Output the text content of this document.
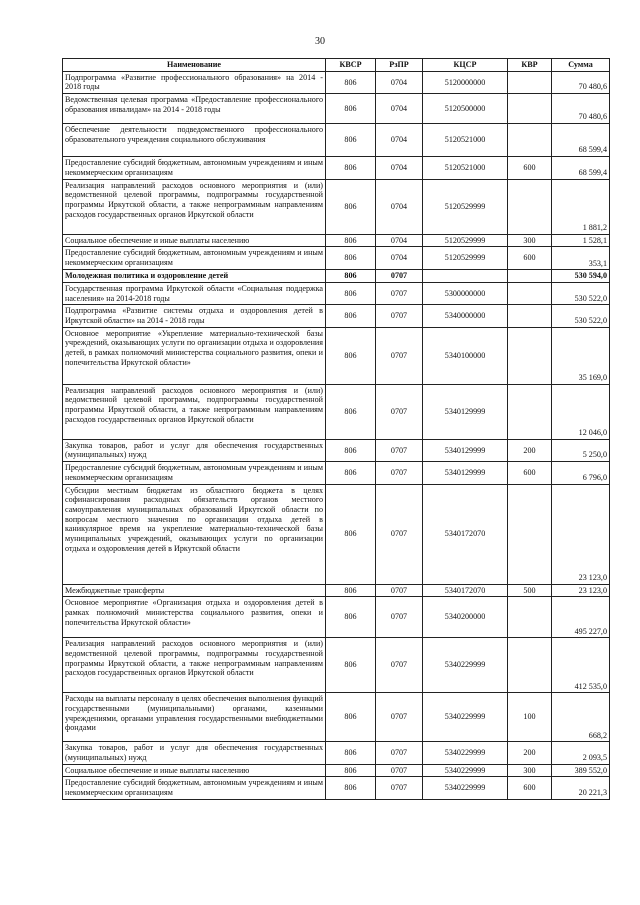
30
Наименование	КВСР	РзПР	КЦСР	КВР	Сумма
Подпрограмма «Развитие профессионального образования» на 2014 - 2018 годы	806	0704	5120000000		70 480,6
Ведомственная целевая программа «Предоставление профессионального образования инвалидам» на 2014 - 2018 годы	806	0704	5120500000		70 480,6
Обеспечение деятельности подведомственного профессионального образовательного учреждения социального обслуживания	806	0704	5120521000		68 599,4
Предоставление субсидий бюджетным, автономным учреждениям и иным некоммерческим организациям	806	0704	5120521000	600	68 599,4
Реализация направлений расходов основного мероприятия и (или) ведомственной целевой программы, подпрограммы государственной программы Иркутской области, а также непрограммным направлениям расходов государственных органов Иркутской области	806	0704	5120529999		1 881,2
Социальное обеспечение и иные выплаты населению	806	0704	5120529999	300	1 528,1
Предоставление субсидий бюджетным, автономным учреждениям и иным некоммерческим организациям	806	0704	5120529999	600	353,1
Молодежная политика и оздоровление детей	806	0707			530 594,0
Государственная программа Иркутской области «Социальная поддержка населения» на 2014-2018 годы	806	0707	5300000000		530 522,0
Подпрограмма «Развитие системы отдыха и оздоровления детей в Иркутской области» на 2014 - 2018 годы	806	0707	5340000000		530 522,0
Основное мероприятие «Укрепление материально-технической базы учреждений, оказывающих услуги по организации отдыха и оздоровления детей, в рамках полномочий министерства социального развития, опеки и попечительства Иркутской области»	806	0707	5340100000		35 169,0
Реализация направлений расходов основного мероприятия и (или) ведомственной целевой программы, подпрограммы государственной программы Иркутской области, а также непрограммным направлениям расходов государственных органов Иркутской области	806	0707	5340129999		12 046,0
Закупка товаров, работ и услуг для обеспечения государственных (муниципальных) нужд	806	0707	5340129999	200	5 250,0
Предоставление субсидий бюджетным, автономным учреждениям и иным некоммерческим организациям	806	0707	5340129999	600	6 796,0
Субсидии местным бюджетам из областного бюджета в целях софинансирования расходных обязательств органов местного самоуправления муниципальных образований Иркутской области по вопросам местного значения по организации отдыха детей в каникулярное время на укрепление материально-технической базы муниципальных учреждений, оказывающих услуги по организации отдыха и оздоровления детей в Иркутской области	806	0707	5340172070		23 123,0
Межбюджетные трансферты	806	0707	5340172070	500	23 123,0
Основное мероприятие «Организация отдыха и оздоровления детей в рамках полномочий министерства социального развития, опеки и попечительства Иркутской области»	806	0707	5340200000		495 227,0
Реализация направлений расходов основного мероприятия и (или) ведомственной целевой программы, подпрограммы государственной программы Иркутской области, а также непрограммным направлениям расходов государственных органов Иркутской области	806	0707	5340229999		412 535,0
Расходы на выплаты персоналу в целях обеспечения выполнения функций государственными (муниципальными) органами, казенными учреждениями, органами управления государственными внебюджетными фондами	806	0707	5340229999	100	668,2
Закупка товаров, работ и услуг для обеспечения государственных (муниципальных) нужд	806	0707	5340229999	200	2 093,5
Социальное обеспечение и иные выплаты населению	806	0707	5340229999	300	389 552,0
Предоставление субсидий бюджетным, автономным учреждениям и иным некоммерческим организациям	806	0707	5340229999	600	20 221,3
